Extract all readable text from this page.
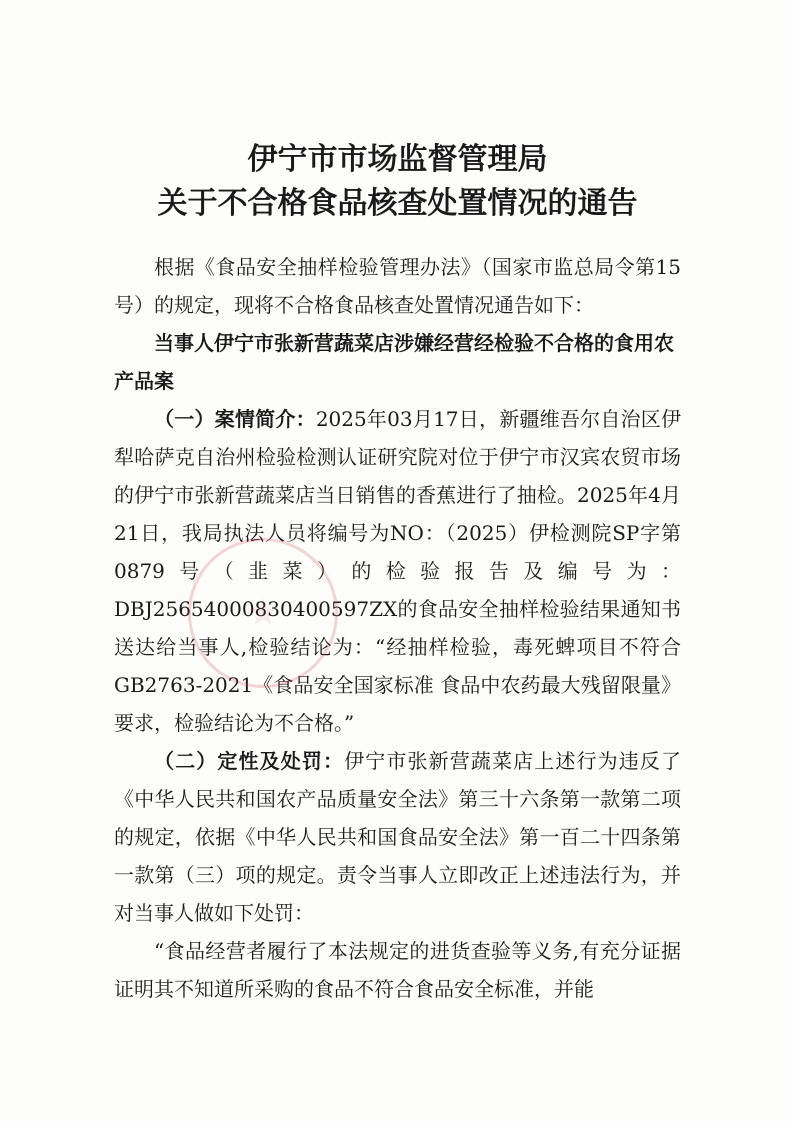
伊宁市市场监督管理局

关于不合格食品核查处置情况的通告

根据《食品安全抽样检验管理办法》（国家市监总局令第15号）的规定，现将不合格食品核查处置情况通告如下：

当事人伊宁市张新营蔬菜店涉嫌经营经检验不合格的食用农产品案

（一）案情简介：2025年03月17日，新疆维吾尔自治区伊犁哈萨克自治州检验检测认证研究院对位于伊宁市汉宾农贸市场的伊宁市张新营蔬菜店当日销售的香蕉进行了抽检。2025年4月21日，我局执法人员将编号为NO：（2025）伊检测院SP字第0879号（韭菜）的检验报告及编号为：DBJ25654000830400597ZX的食品安全抽样检验结果通知书送达给当事人,检验结论为：“经抽样检验，毒死蜱项目不符合GB2763-2021《食品安全国家标准 食品中农药最大残留限量》要求，检验结论为不合格。”

（二）定性及处罚：伊宁市张新营蔬菜店上述行为违反了《中华人民共和国农产品质量安全法》第三十六条第一款第二项的规定，依据《中华人民共和国食品安全法》第一百二十四条第一款第（三）项的规定。责令当事人立即改正上述违法行为，并对当事人做如下处罚：

“食品经营者履行了本法规定的进货查验等义务,有充分证据证明其不知道所采购的食品不符合食品安全标准，并能
